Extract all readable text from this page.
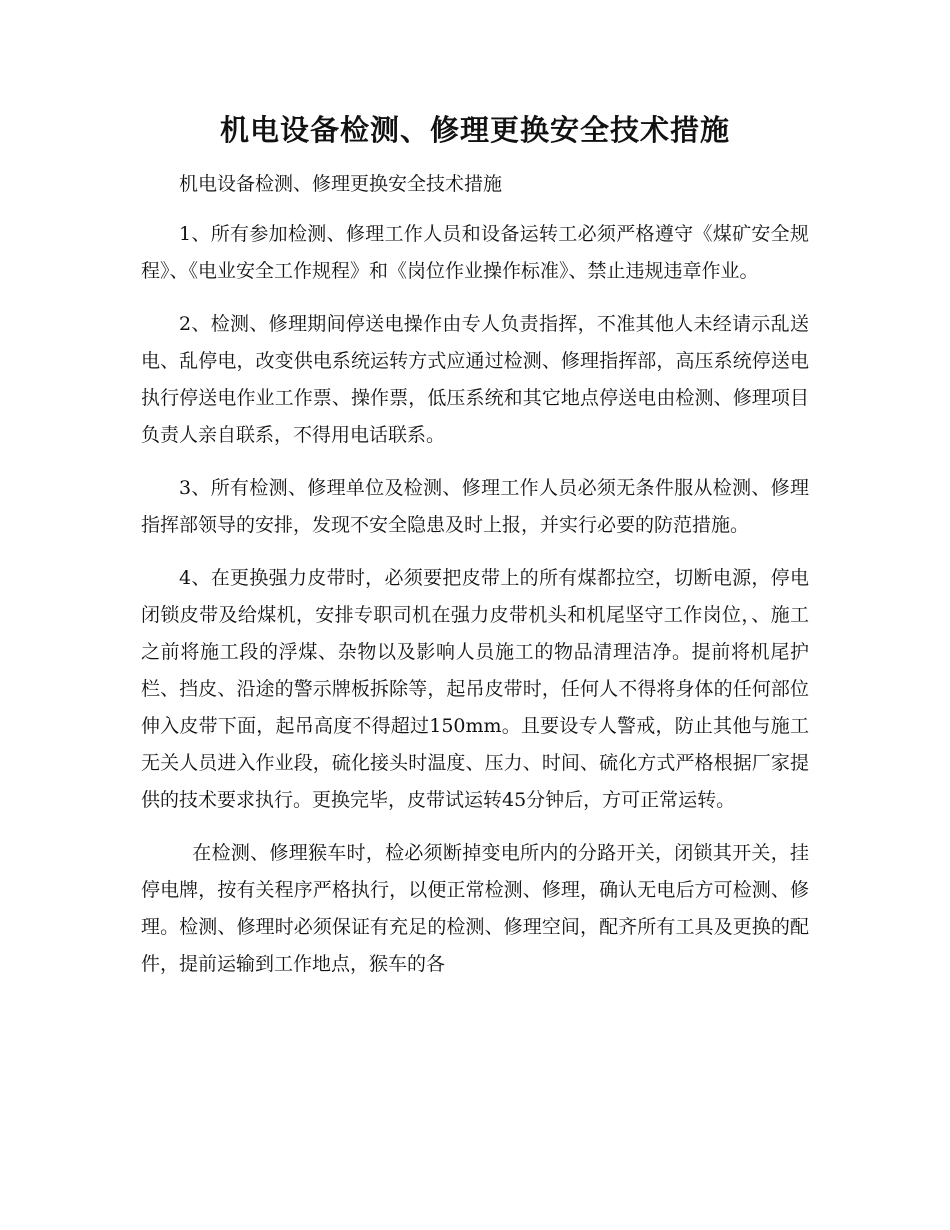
机电设备检测、修理更换安全技术措施

机电设备检测、修理更换安全技术措施

1、所有参加检测、修理工作人员和设备运转工必须严格遵守《煤矿安全规程》、《电业安全工作规程》和《岗位作业操作标准》、禁止违规违章作业。

2、检测、修理期间停送电操作由专人负责指挥，不准其他人未经请示乱送电、乱停电，改变供电系统运转方式应通过检测、修理指挥部，高压系统停送电执行停送电作业工作票、操作票，低压系统和其它地点停送电由检测、修理项目负责人亲自联系，不得用电话联系。

3、所有检测、修理单位及检测、修理工作人员必须无条件服从检测、修理指挥部领导的安排，发现不安全隐患及时上报，并实行必要的防范措施。

4、在更换强力皮带时，必须要把皮带上的所有煤都拉空，切断电源，停电闭锁皮带及给煤机，安排专职司机在强力皮带机头和机尾坚守工作岗位，、施工之前将施工段的浮煤、杂物以及影响人员施工的物品清理洁净。提前将机尾护栏、挡皮、沿途的警示牌板拆除等，起吊皮带时，任何人不得将身体的任何部位伸入皮带下面，起吊高度不得超过150mm。且要设专人警戒，防止其他与施工无关人员进入作业段，硫化接头时温度、压力、时间、硫化方式严格根据厂家提供的技术要求执行。更换完毕，皮带试运转45分钟后，方可正常运转。

在检测、修理猴车时，检必须断掉变电所内的分路开关，闭锁其开关，挂停电牌，按有关程序严格执行，以便正常检测、修理，确认无电后方可检测、修理。检测、修理时必须保证有充足的检测、修理空间，配齐所有工具及更换的配件，提前运输到工作地点，猴车的各
